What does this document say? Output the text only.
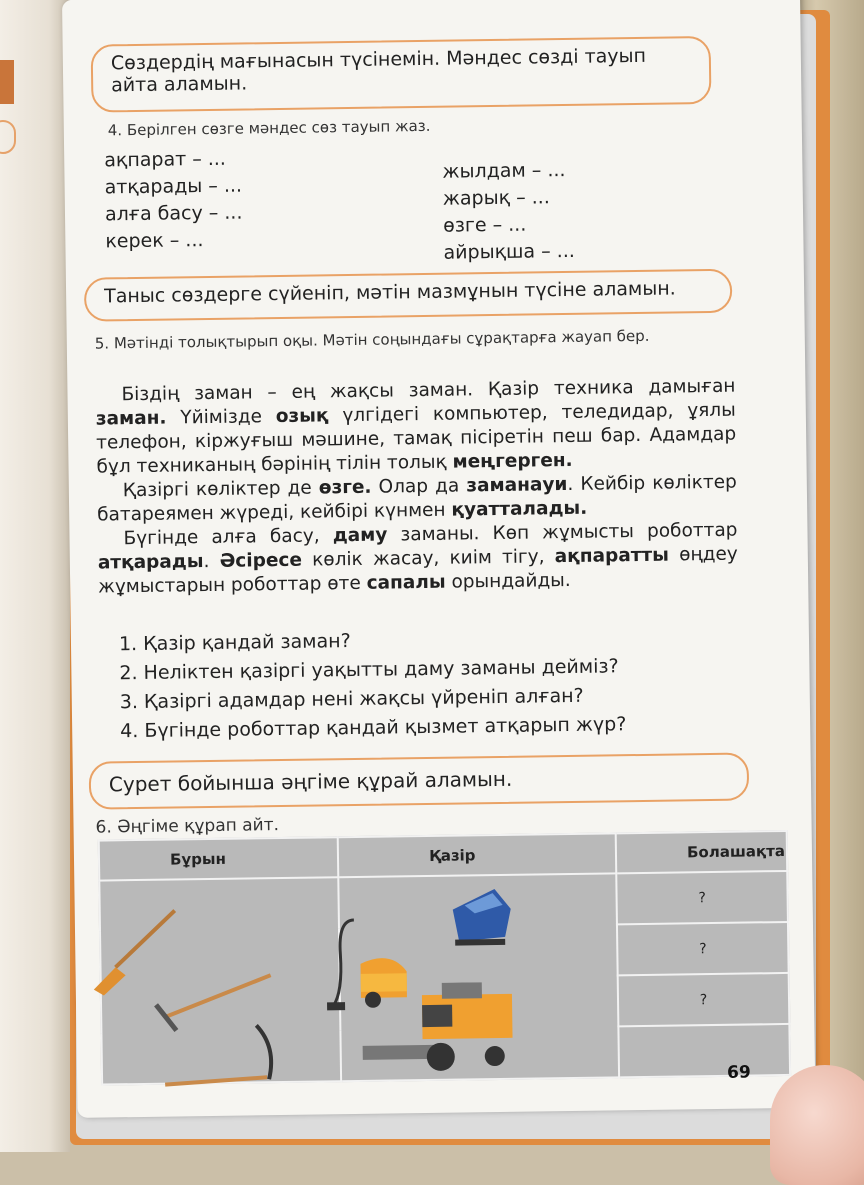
Сөздердің мағынасын түсінемін. Мәндес сөзді тауып айта аламын.
4. Берілген сөзге мәндес сөз тауып жаз.
ақпарат – ...
атқарады – ...
алға басу – ...
керек – ...
жылдам – ...
жарық – ...
өзге – ...
айрықша – ...
Таныс сөздерге сүйеніп, мәтін мазмұнын түсіне аламын.
5. Мәтінді толықтырып оқы. Мәтін соңындағы сұрақтарға жауап бер.

Біздің заман – ең жақсы заман. Қазір техника дамыған заман. Үйімізде озық үлгідегі компьютер, теледидар, ұялы телефон, кіржуғыш мәшине, тамақ пісіретін пеш бар. Адамдар бұл техниканың бәрінің тілін толық меңгерген.

Қазіргі көліктер де өзге. Олар да заманауи. Кейбір көліктер батареямен жүреді, кейбірі күнмен қуатталады.

Бүгінде алға басу, даму заманы. Көп жұмысты роботтар атқарады. Әсіресе көлік жасау, киім тігу, ақпаратты өңдеу жұмыстарын роботтар өте сапалы орындайды.

1. Қазір қандай заман?
2. Неліктен қазіргі уақытты даму заманы дейміз?
3. Қазіргі адамдар нені жақсы үйреніп алған?
4. Бүгінде роботтар қандай қызмет атқарып жүр?
Сурет бойынша әңгіме құрай аламын.
6. Әңгіме құрап айт.
Бұрын	Қазір	Болашақта
		?
		?
		?

69
